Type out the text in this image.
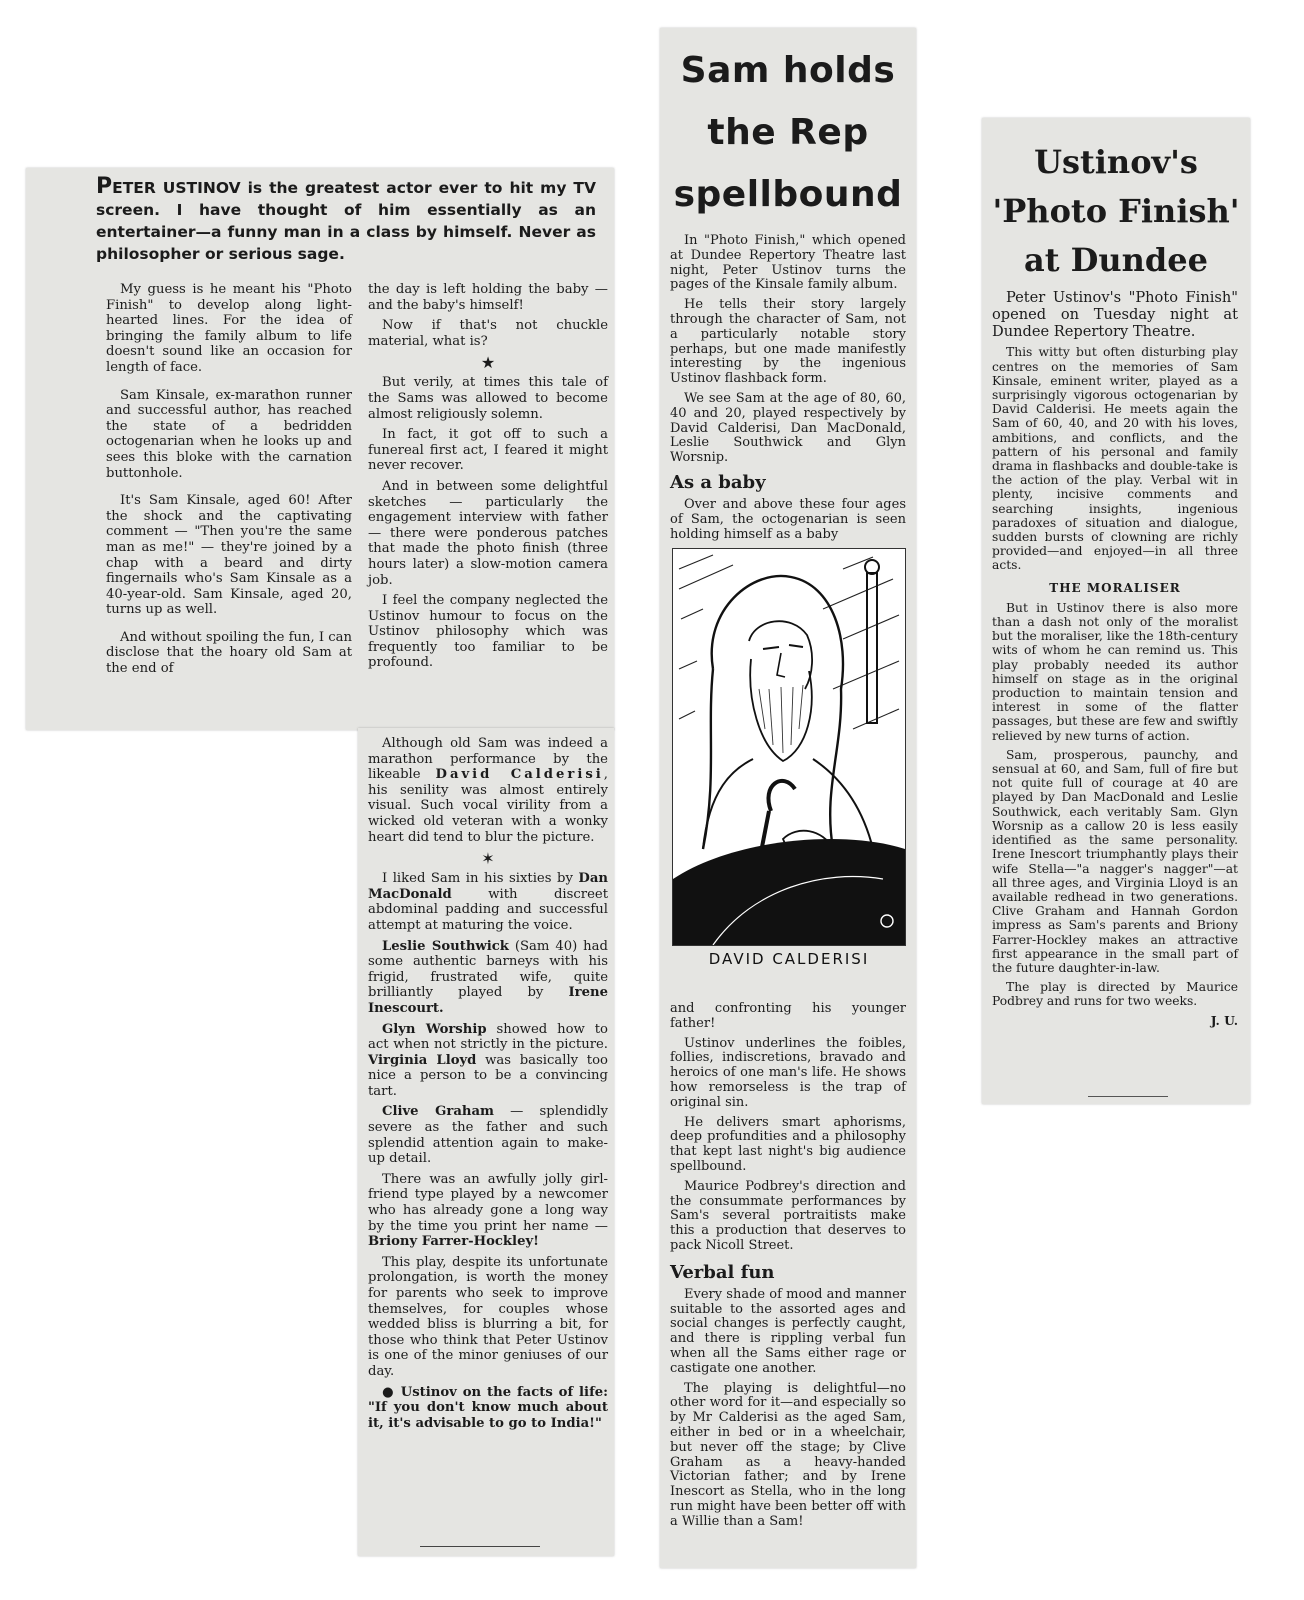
PETER USTINOV is the greatest actor ever to hit my TV screen. I have thought of him essentially as an entertainer—a funny man in a class by himself. Never as philosopher or serious sage.

My guess is he meant his "Photo Finish" to develop along light-hearted lines. For the idea of bringing the family album to life doesn't sound like an occasion for length of face.

Sam Kinsale, ex-marathon runner and successful author, has reached the state of a bedridden octogenarian when he looks up and sees this bloke with the carnation buttonhole.

It's Sam Kinsale, aged 60! After the shock and the captivating comment — "Then you're the same man as me!" — they're joined by a chap with a beard and dirty fingernails who's Sam Kinsale as a 40-year-old. Sam Kinsale, aged 20, turns up as well.

And without spoiling the fun, I can disclose that the hoary old Sam at the end of

the day is left holding the baby — and the baby's himself!

Now if that's not chuckle material, what is?

★

But verily, at times this tale of the Sams was allowed to become almost religiously solemn.

In fact, it got off to such a funereal first act, I feared it might never recover.

And in between some delightful sketches — particularly the engagement interview with father — there were ponderous patches that made the photo finish (three hours later) a slow-motion camera job.

I feel the company neglected the Ustinov humour to focus on the Ustinov philosophy which was frequently too familiar to be profound.

Although old Sam was indeed a marathon performance by the likeable David Calderisi, his senility was almost entirely visual. Such vocal virility from a wicked old veteran with a wonky heart did tend to blur the picture.

✶

I liked Sam in his sixties by Dan MacDonald with discreet abdominal padding and successful attempt at maturing the voice.

Leslie Southwick (Sam 40) had some authentic barneys with his frigid, frustrated wife, quite brilliantly played by Irene Inescourt.

Glyn Worship showed how to act when not strictly in the picture. Virginia Lloyd was basically too nice a person to be a convincing tart.

Clive Graham — splendidly severe as the father and such splendid attention again to make-up detail.

There was an awfully jolly girl-friend type played by a newcomer who has already gone a long way by the time you print her name — Briony Farrer-Hockley!

This play, despite its unfortunate prolongation, is worth the money for parents who seek to improve themselves, for couples whose wedded bliss is blurring a bit, for those who think that Peter Ustinov is one of the minor geniuses of our day.

● Ustinov on the facts of life: "If you don't know much about it, it's advisable to go to India!"

Sam holds
the Rep
spellbound

In "Photo Finish," which opened at Dundee Repertory Theatre last night, Peter Ustinov turns the pages of the Kinsale family album.

He tells their story largely through the character of Sam, not a particularly notable story perhaps, but one made manifestly interesting by the ingenious Ustinov flashback form.

We see Sam at the age of 80, 60, 40 and 20, played respectively by David Calderisi, Dan MacDonald, Leslie Southwick and Glyn Worsnip.

As a baby

Over and above these four ages of Sam, the octogenarian is seen holding himself as a baby

DAVID CALDERISI

and confronting his younger father!

Ustinov underlines the foibles, follies, indiscretions, bravado and heroics of one man's life. He shows how remorseless is the trap of original sin.

He delivers smart aphorisms, deep profundities and a philosophy that kept last night's big audience spellbound.

Maurice Podbrey's direction and the consummate performances by Sam's several portraitists make this a production that deserves to pack Nicoll Street.

Verbal fun

Every shade of mood and manner suitable to the assorted ages and social changes is perfectly caught, and there is rippling verbal fun when all the Sams either rage or castigate one another.

The playing is delightful—no other word for it—and especially so by Mr Calderisi as the aged Sam, either in bed or in a wheelchair, but never off the stage; by Clive Graham as a heavy-handed Victorian father; and by Irene Inescort as Stella, who in the long run might have been better off with a Willie than a Sam!

Ustinov's
'Photo Finish'
at Dundee

Peter Ustinov's "Photo Finish" opened on Tuesday night at Dundee Repertory Theatre.

This witty but often disturbing play centres on the memories of Sam Kinsale, eminent writer, played as a surprisingly vigorous octogenarian by David Calderisi. He meets again the Sam of 60, 40, and 20 with his loves, ambitions, and conflicts, and the pattern of his personal and family drama in flashbacks and double-take is the action of the play. Verbal wit in plenty, incisive comments and searching insights, ingenious paradoxes of situation and dialogue, sudden bursts of clowning are richly provided—and enjoyed—in all three acts.

THE MORALISER

But in Ustinov there is also more than a dash not only of the moralist but the moraliser, like the 18th-century wits of whom he can remind us. This play probably needed its author himself on stage as in the original production to maintain tension and interest in some of the flatter passages, but these are few and swiftly relieved by new turns of action.

Sam, prosperous, paunchy, and sensual at 60, and Sam, full of fire but not quite full of courage at 40 are played by Dan MacDonald and Leslie Southwick, each veritably Sam. Glyn Worsnip as a callow 20 is less easily identified as the same personality. Irene Inescort triumphantly plays their wife Stella—"a nagger's nagger"—at all three ages, and Virginia Lloyd is an available redhead in two generations. Clive Graham and Hannah Gordon impress as Sam's parents and Briony Farrer-Hockley makes an attractive first appearance in the small part of the future daughter-in-law.

The play is directed by Maurice Podbrey and runs for two weeks.

J. U.
